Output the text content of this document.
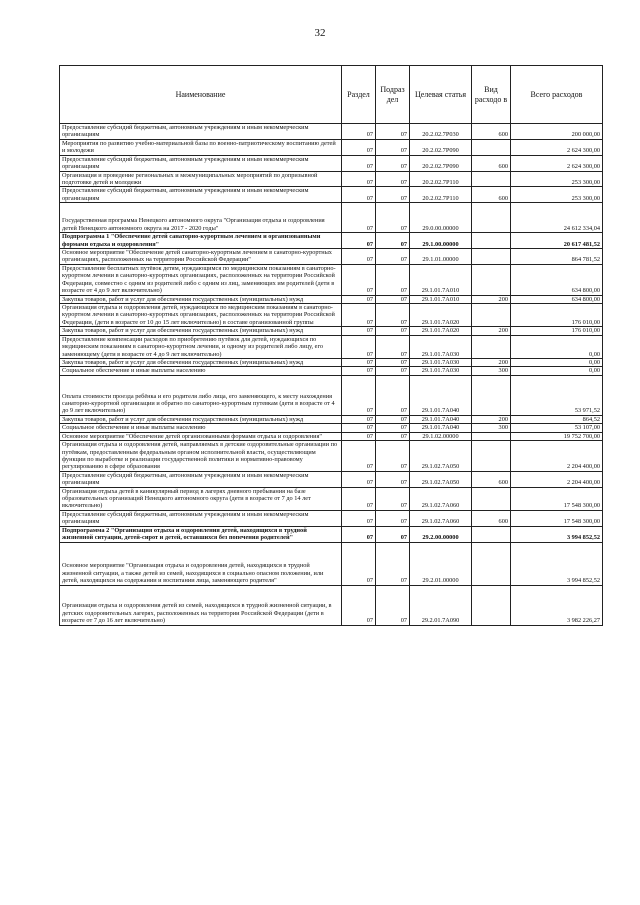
32
Наименование	Раздел	Подраз дел	Целевая статья	Вид расходо в	Всего расходов
Предоставление субсидий бюджетным, автономным учреждениям и иным некоммерческим организациям	07	07	20.2.02.7Р030	600	200 000,00
Мероприятия по развитию учебно-материальной базы по военно-патриотическому воспитанию детей и молодежи	07	07	20.2.02.7Р090		2 624 300,00
Предоставление субсидий бюджетным, автономным учреждениям и иным некоммерческим организациям	07	07	20.2.02.7Р090	600	2 624 300,00
Организация и проведение региональных и межмуниципальных мероприятий по допризывной подготовке детей и молодежи	07	07	20.2.02.7Р110		253 300,00
Предоставление субсидий бюджетным, автономным учреждениям и иным некоммерческим организациям	07	07	20.2.02.7Р110	600	253 300,00
Государственная программа Ненецкого автономного округа "Организация отдыха и оздоровления детей Ненецкого автономного округа на 2017 - 2020 годы"	07	07	29.0.00.00000		24 612 334,04
Подпрограмма 1 "Обеспечение детей санаторно-курортным лечением и организованными формами отдыха и оздоровления"	07	07	29.1.00.00000		20 617 481,52
Основное мероприятие "Обеспечение детей санаторно-курортным лечением в санаторно-курортных организациях, расположенных на территории Российской Федерации"	07	07	29.1.01.00000		864 781,52
Предоставление бесплатных путёвок детям, нуждающимся по медицинским показаниям в санаторно-курортном лечении в санаторно-курортных организациях, расположенных на территории Российской Федерации, совместно с одним из родителей либо с одним из лиц, заменяющих им родителей (дети в возрасте от 4 до 9 лет включительно)	07	07	29.1.01.7А010		634 800,00
Закупка товаров, работ и услуг для обеспечения государственных (муниципальных) нужд	07	07	29.1.01.7А010	200	634 800,00
Организация отдыха и оздоровления детей, нуждающихся по медицинским показаниям в санаторно-курортном лечении в санаторно-курортных организациях, расположенных на территории Российской Федерации, (дети в возрасте от 10 до 15 лет включительно) в составе организованной группы	07	07	29.1.01.7А020		176 010,00
Закупка товаров, работ и услуг для обеспечения государственных (муниципальных) нужд	07	07	29.1.01.7А020	200	176 010,00
Предоставление компенсации расходов по приобретению путёвок для детей, нуждающихся по медицинским показаниям в санаторно-курортном лечении, и одному из родителей либо лицу, его заменяющему (дети в возрасте от 4 до 9 лет включительно)	07	07	29.1.01.7А030		0,00
Закупка товаров, работ и услуг для обеспечения государственных (муниципальных) нужд	07	07	29.1.01.7А030	200	0,00
Социальное обеспечение и иные выплаты населению	07	07	29.1.01.7А030	300	0,00
Оплата стоимости проезда ребёнка и его родителя либо лица, его заменяющего, к месту нахождения санаторно-курортной организации и обратно по санаторно-курортным путевкам (дети в возрасте от 4 до 9 лет включительно)	07	07	29.1.01.7А040		53 971,52
Закупка товаров, работ и услуг для обеспечения государственных (муниципальных) нужд	07	07	29.1.01.7А040	200	864,52
Социальное обеспечение и иные выплаты населению	07	07	29.1.01.7А040	300	53 107,00
Основное мероприятие "Обеспечение детей организованными формами отдыха и оздоровления"	07	07	29.1.02.00000		19 752 700,00
Организация отдыха и оздоровления детей, направляемых в детские оздоровительные организации по путёвкам, предоставленным федеральным органом исполнительной власти, осуществляющим функции по выработке и реализации государственной политики и нормативно-правовому регулированию в сфере образования	07	07	29.1.02.7А050		2 204 400,00
Предоставление субсидий бюджетным, автономным учреждениям и иным некоммерческим организациям	07	07	29.1.02.7А050	600	2 204 400,00
Организация отдыха детей в каникулярный период в лагерях дневного пребывания на базе образовательных организаций Ненецкого автономного округа (дети в возрасте от 7 до 14 лет включительно)	07	07	29.1.02.7А060		17 548 300,00
Предоставление субсидий бюджетным, автономным учреждениям и иным некоммерческим организациям	07	07	29.1.02.7А060	600	17 548 300,00
Подпрограмма 2 "Организация отдыха и оздоровления детей, находящихся в трудной жизненной ситуации, детей-сирот и детей, оставшихся без попечения родителей"	07	07	29.2.00.00000		3 994 852,52
Основное мероприятие "Организация отдыха и оздоровления детей, находящихся в трудной жизненной ситуации, а также детей из семей, находящихся в социально опасном положении, или детей, находящихся на содержании и воспитании лица, заменяющего родителя"	07	07	29.2.01.00000		3 994 852,52
Организация отдыха и оздоровления детей из семей, находящихся в трудной жизненной ситуации, в детских оздоровительных лагерях, расположенных на территории Российской Федерации (дети в возрасте от 7 до 16 лет включительно)	07	07	29.2.01.7А090		3 982 226,27
